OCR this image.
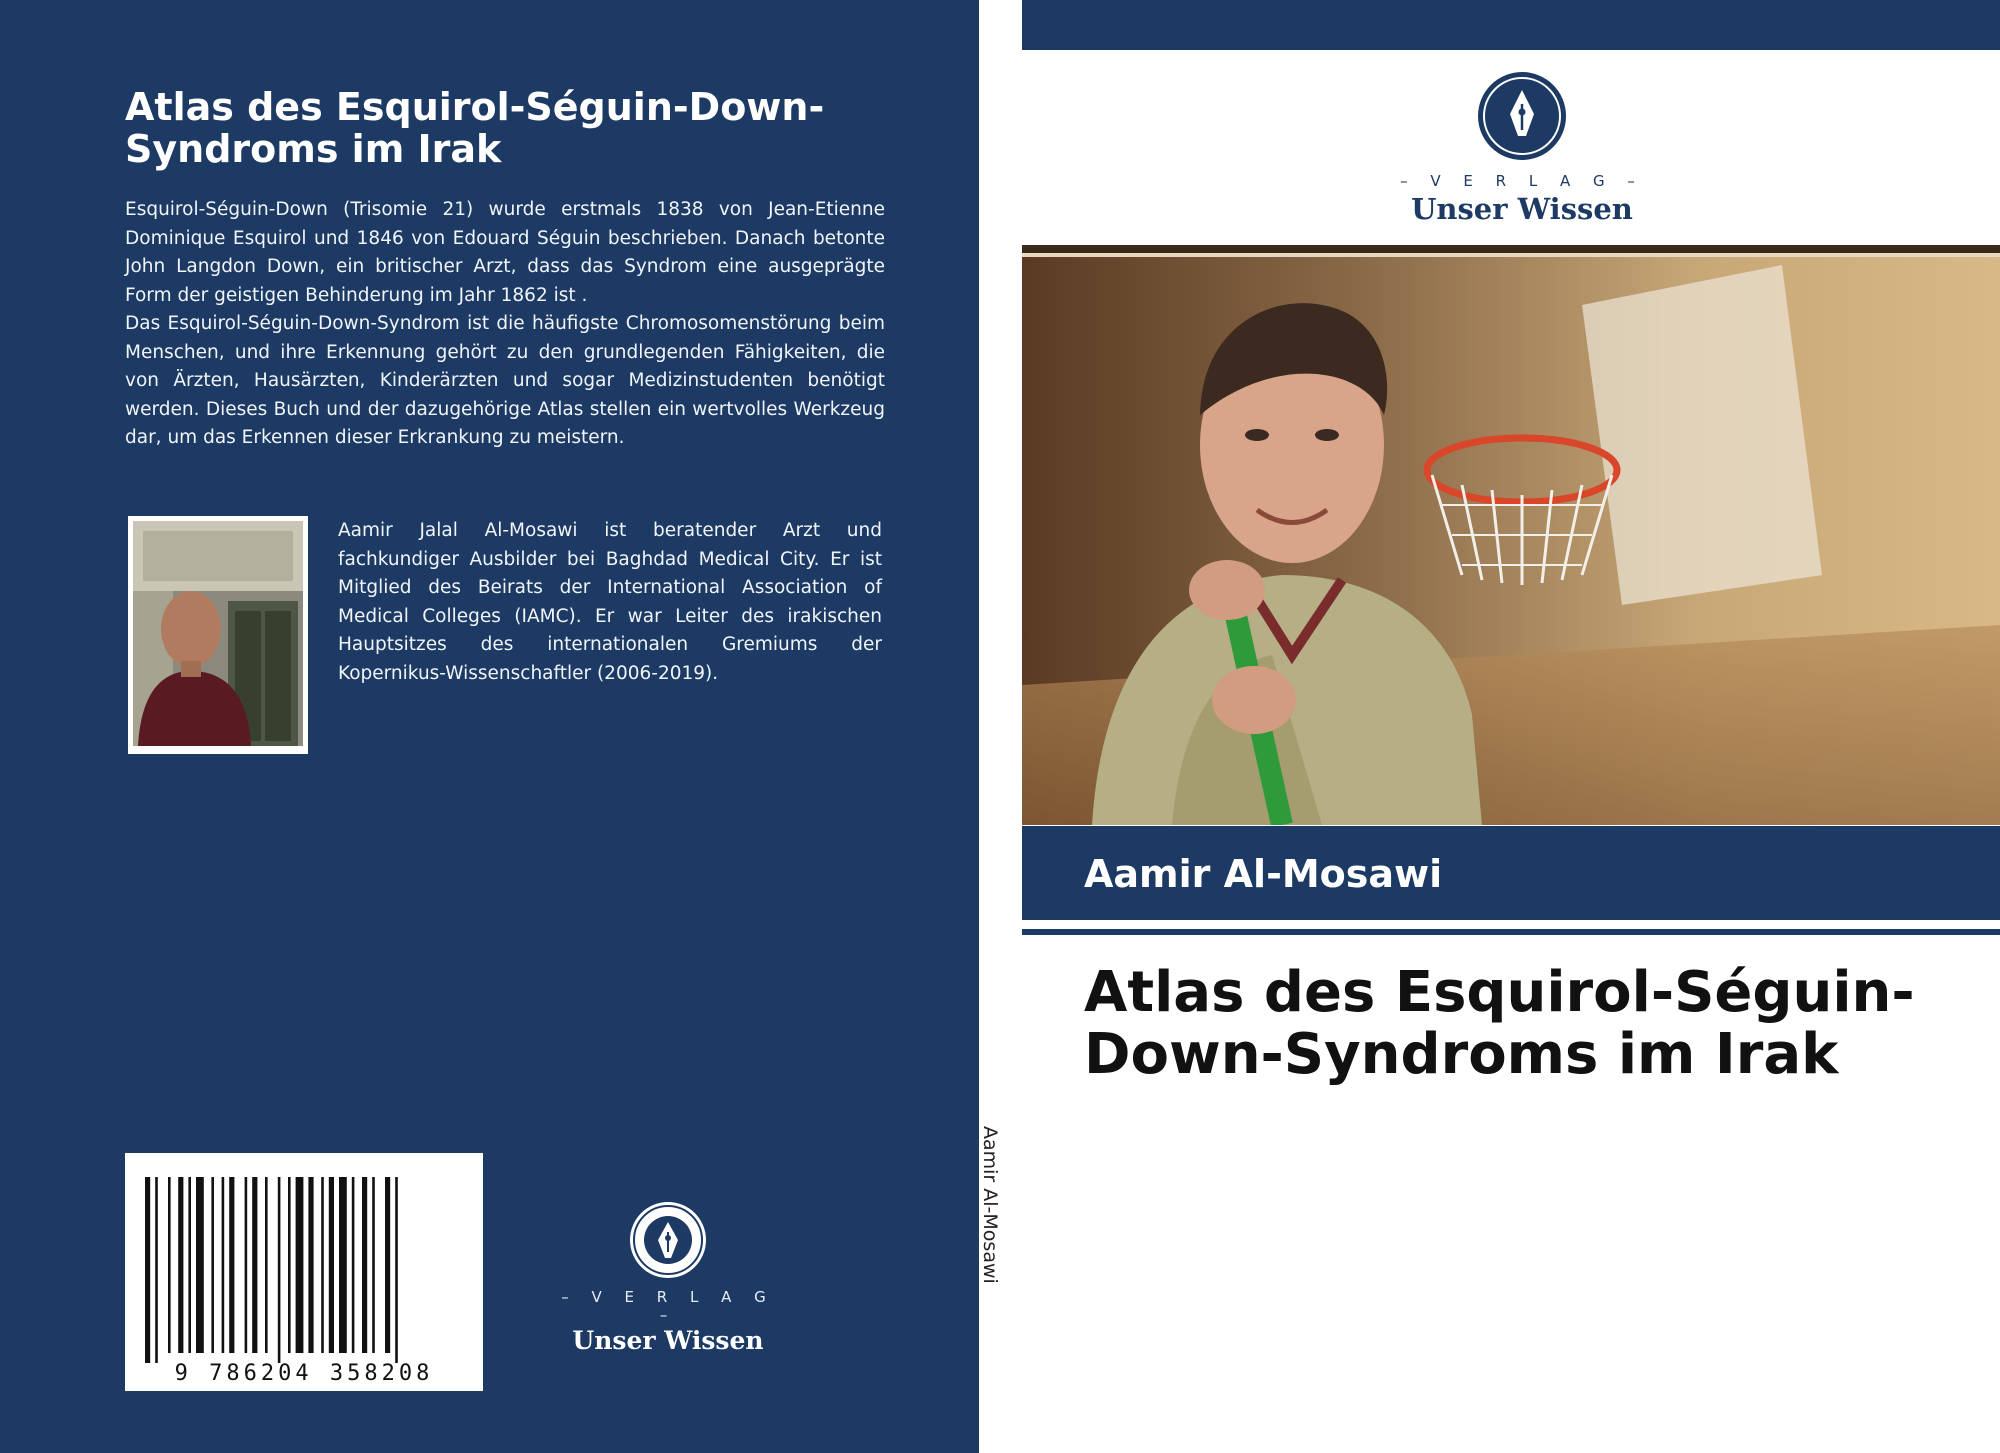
Atlas des Esquirol-Séguin-Down-Syndroms im Irak

Esquirol-Séguin-Down (Trisomie 21) wurde erstmals 1838 von Jean-Etienne Dominique Esquirol und 1846 von Edouard Séguin beschrieben. Danach betonte John Langdon Down, ein britischer Arzt, dass das Syndrom eine ausgeprägte Form der geistigen Behinderung im Jahr 1862 ist .

Das Esquirol-Séguin-Down-Syndrom ist die häufigste Chromosomenstörung beim Menschen, und ihre Erkennung gehört zu den grundlegenden Fähigkeiten, die von Ärzten, Hausärzten, Kinderärzten und sogar Medizinstudenten benötigt werden. Dieses Buch und der dazugehörige Atlas stellen ein wertvolles Werkzeug dar, um das Erkennen dieser Erkrankung zu meistern.

Aamir Jalal Al-Mosawi ist beratender Arzt und fachkundiger Ausbilder bei Baghdad Medical City. Er ist Mitglied des Beirats der International Association of Medical Colleges (IAMC). Er war Leiter des irakischen Hauptsitzes des internationalen Gremiums der Kopernikus-Wissenschaftler (2006-2019).

9 786204 358208
– V E R L A G –
Unser Wissen
Aamir Al-Mosawi
– V E R L A G –
Unser Wissen
Aamir Al-Mosawi
Atlas des Esquirol-Séguin-Down-Syndroms im Irak
